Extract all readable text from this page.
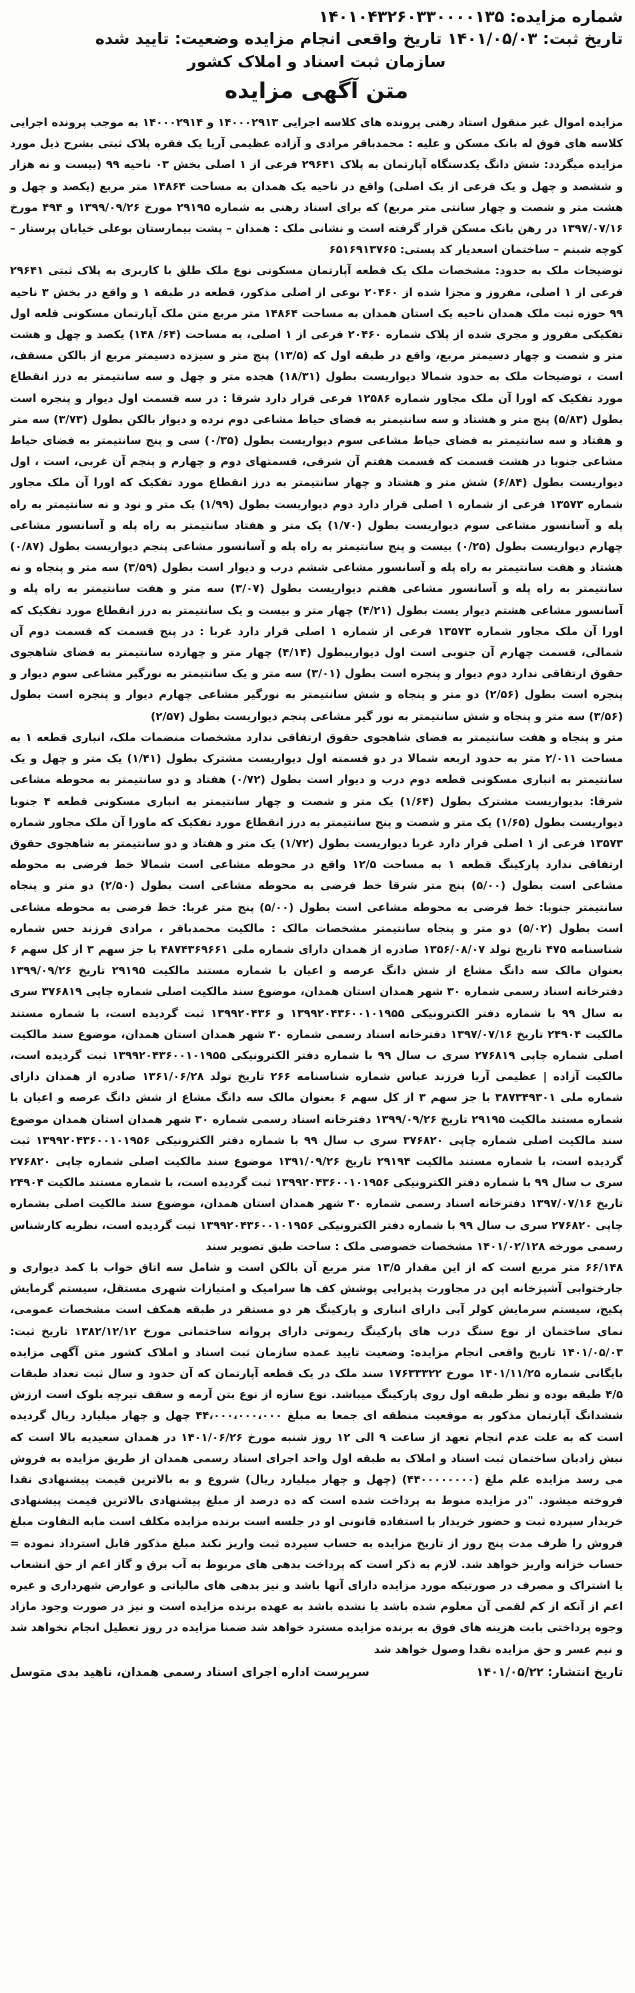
شماره مزایده: ۱۴۰۱۰۴۳۲۶۰۳۳۰۰۰۰۱۳۵
تاریخ ثبت: ۱۴۰۱/۰۵/۰۳ تاریخ واقعی انجام مزایده وضعیت: تایید شده
سازمان ثبت اسناد و املاک کشور
متن آگهی مزایده

مزایده اموال غیر منقول استاد رهنی پرونده های کلاسه اجرایی ۱۴۰۰۰۲۹۱۳ و ۱۴۰۰۰۲۹۱۴ به موجب پرونده اجرایی کلاسه های فوق له بانک مسکن و علیه : محمدباقر مرادی و آزاده عظیمی آریا یک فقره پلاک ثبتی بشرح ذیل مورد مزایده میگردد: شش دانگ یکدستگاه آپارتمان به پلاک ۲۹۶۴۱ فرعی از ۱ اصلی بخش ۰۳ ناحیه ۹۹ (بیست و نه هزار و ششصد و چهل و یک فرعی از یک اصلی) واقع در ناحیه یک همدان به مساحت ۱۴۸۶۴ متر مربع (یکصد و چهل و هشت متر و شصت و چهار سانتی متر مربع) که برای اسناد رهنی به شماره ۲۹۱۹۵ مورخ ۱۳۹۹/۰۹/۲۶ و ۴۹۴ مورخ ۱۳۹۷/۰۷/۱۶ در رهن بانک مسکن قرار گرفته است و نشانی ملک : همدان – پشت بیمارستان بوعلی خیابان پرستار – کوچه شبنم – ساختمان اسعدیار کد پستی: ۶۵۱۶۹۱۳۷۶۵

توضیحات ملک به حدود: مشخصات ملک یک قطعه آپارتمان مسکونی نوع ملک طلق با کاربری به پلاک ثبتی ۲۹۶۴۱ فرعی از ۱ اصلی، مفروز و مجزا شده از ۲۰۴۶۰ نوعی از اصلی مذکور، قطعه در طبقه ۱ و واقع در بخش ۳ ناحیه ۹۹ حوزه ثبت ملک همدان ناحیه یک استان همدان به مساحت ۱۴۸۶۴ متر مربع متن ملک آپارتمان مسکونی قلعه اول تفکیکی مفروز و مجری شده از پلاک شماره ۲۰۴۶۰ فرعی از ۱ اصلی، به مساحت (۶۴/ ۱۴۸) یکصد و چهل و هشت متر و شصت و چهار دسیمتر مربع، واقع در طبقه اول که (۱۳/۵) پنج متر و سیزده دسیمتر مربع از بالکن مسقف، است ، توضیحات ملک به حدود شمالا دیواریست بطول (۱۸/۳۱) هجده متر و چهل و سه سانتیمتر به درز انقطاع مورد تفکیک که اورا آن ملک مجاور شماره ۱۲۵۸۶ فرعی قرار دارد شرقا : در سه قسمت اول دیوار و پنجره است بطول (۵/۸۳) پنج متر و هشتاد و سه سانتیمتر به فضای حیاط مشاعی دوم نرده و دیوار بالکن بطول (۳/۷۳) سه متر و هفتاد و سه سانتیمتر به فضای حیاط مشاعی سوم دیواریست بطول (۰/۳۵) سی و پنج سانتیمتر به فضای حیاط مشاعی جنوبا در هشت قسمت که قسمت هفتم آن شرقی، قسمتهای دوم و چهارم و پنجم آن غربی، است ، اول دیواریست بطول (۶/۸۴) شش متر و هشتاد و چهار سانتیمتر به درز انقطاع مورد تفکیک که اورا آن ملک مجاور شماره ۱۳۵۷۳ فرعی از شماره ۱ اصلی قرار دارد دوم دیواریست بطول (۱/۹۹) یک متر و نود و نه سانتیمتر به راه پله و آسانسور مشاعی سوم دیواریست بطول (۱/۷۰) یک متر و هفتاد سانتیمتر به راه پله و آسانسور مشاعی چهارم دیواریست بطول (۰/۲۵) بیست و پنج سانتیمتر به راه پله و آسانسور مشاعی پنجم دیواریست بطول (۰/۸۷) هشتاد و هفت سانتیمتر به راه پله و آسانسور مشاعی ششم درب و دیوار است بطول (۳/۵۹) سه متر و پنجاه و نه سانتیمتر به راه پله و آسانسور مشاعی هفتم دیواریست بطول (۳/۰۷) سه متر و هفت سانتیمتر به راه پله و آسانسور مشاعی هشتم دیوار یست بطول (۴/۲۱) چهار متر و بیست و یک سانتیمتر به درز انقطاع مورد تفکیک که اورا آن ملک مجاور شماره ۱۳۵۷۳ فرعی از شماره ۱ اصلی قرار دارد غربا : در پنج قسمت که قسمت دوم آن شمالی، قسمت چهارم آن جنوبی است اول دیواریبطول (۴/۱۴) چهار متر و چهارده سانتیمتر به فضای شاهجوی حقوق ارتفاقی ندارد دوم دیوار و پنجره است بطول (۳/۰۱) سه متر و یک سانتیمتر به نورگیر مشاعی سوم دیوار و پنجره است بطول (۲/۵۶) دو متر و پنجاه و شش سانتیمتر به نورگیر مشاعی چهارم دیوار و پنجره است بطول (۳/۵۶) سه متر و پنجاه و شش سانتیمتر به نور گیر مشاعی پنجم دیواریست بطول (۲/۵۷)

متر و پنجاه و هفت سانتیمتر به فضای شاهجوی حقوق ارتفاقی ندارد مشخصات منضمات ملک، انباری قطعه ۱ به مساحت ۲/۰۱۱ متر به حدود اربعه شمالا در دو قسمته اول دیواریست مشترک بطول (۱/۴۱) یک متر و چهل و یک سانتیمتر به انباری مسکونی قطعه دوم درب و دیوار است بطول (۰/۷۲) هفتاد و دو سانتیمتر به محوطه مشاعی شرقا: بدیواریست مشترک بطول (۱/۶۴) یک متر و شصت و چهار سانتیمتر به انباری مسکونی قطعه ۴ جنوبا دیواریست بطول (۱/۶۵) یک متر و شصت و پنج سانتیمتر به درز انقطاع مورد تفکیک که ماورا آن ملک مجاور شماره ۱۳۵۷۳ فرعی از ۱ اصلی قرار دارد غربا دیواریست بطول (۱/۷۲) یک متر و هفتاد و دو سانتیمتر به شاهجوی حقوق ارتفاقی ندارد پارکینگ قطعه ۱ به مساحت ۱۲/۵ واقع در محوطه مشاعی است شمالا خط فرضی به محوطه مشاعی است بطول (۵/۰۰) پنج متر شرقا خط فرضی به محوطه مشاعی است بطول (۲/۵۰) دو متر و پنجاه سانتیمتر جنوبا: خط فرضی به محوطه مشاعی است بطول (۵/۰۰) پنج متر غربا: خط فرضی به محوطه مشاعی است بطول (۵/۰۲) دو متر و پنجاه سانتیمتر مشخصات مالک : مالکیت محمدباقر ، مرادی فرزند حس شماره شناسنامه ۴۷۵ تاریخ تولد ۱۳۵۶/۰۸/۰۷ صادره از همدان دارای شماره ملی ۴۸۷۴۳۶۹۶۶۱ با جز سهم ۳ از کل سهم ۶ بعنوان مالک سه دانگ مشاع از شش دانگ عرصه و اعیان با شماره مستند مالکیت ۲۹۱۹۵ تاریخ ۱۳۹۹/۰۹/۲۶ دفترخانه اسناد رسمی شماره ۳۰ شهر همدان استان همدان، موضوع سند مالکیت اصلی شماره چاپی ۳۷۶۸۱۹ سری به سال ۹۹ با شماره دفتر الکترونیکی ۱۳۹۹۲۰۴۳۶۰۰۱۰۱۹۵۵ و ۱۳۹۹۲۰۴۳۶ ثبت گردیده است، با شماره مستند مالکیت ۲۴۹۰۴ تاریخ ۱۳۹۷/۰۷/۱۶ دفترخانه اسناد رسمی شماره ۳۰ شهر همدان استان همدان، موضوع سند مالکیت اصلی شماره چاپی ۲۷۶۸۱۹ سری ب سال ۹۹ با شماره دفتر الکترونیکی ۱۳۹۹۲۰۴۳۶۰۰۱۰۱۹۵۵ ثبت گردیده است، مالکیت آزاده | عظیمی آریا فرزند عباس شماره شناسنامه ۲۶۶ تاریخ تولد ۱۳۶۱/۰۶/۲۸ صادره از همدان دارای شماره ملی ۳۸۷۳۴۹۳۰۱ با جز سهم ۳ از کل سهم ۶ بعنوان مالک سه دانگ مشاع از شش دانگ عرصه و اعیان با شماره مستند مالکیت ۲۹۱۹۵ تاریخ ۱۳۹۹/۰۹/۲۶ دفترخانه اسناد رسمی شماره ۳۰ شهر همدان استان همدان موضوع سند مالکیت اصلی شماره چاپی ۳۷۶۸۲۰ سری ب سال ۹۹ با شماره دفتر الکترونیکی ۱۳۹۹۲۰۴۳۶۰۰۱۰۱۹۵۶ ثبت گردیده است، با شماره مستند مالکیت ۲۹۱۹۴ تاریخ ۱۳۹۱/۰۹/۲۶ موضوع سند مالکیت اصلی شماره چاپی ۲۷۶۸۲۰ سری ب سال ۹۹ با شماره دفتر الکترونیکی ۱۳۹۹۲۰۴۳۶۰۰۱۰۱۹۵۶ ثبت گردیده است، با شماره مستند مالکیت ۲۴۹۰۴ تاریخ ۱۳۹۷/۰۷/۱۶ دفترخانه اسناد رسمی شماره ۳۰ شهر همدان استان همدان، موضوع سند مالکیت اصلی بشماره چاپی ۲۷۶۸۲۰ سری ب سال ۹۹ با شماره دفتر الکترونیکی ۱۳۹۹۲۰۴۳۶۰۰۱۰۱۹۵۶ ثبت گردیده است، نظریه کارشناس رسمی مورخه ۱۴۰۱/۰۲/۱۲۸ مشخصات خصوصی ملک : ساحت طبق تصویر سند

۶۶/۱۴۸ متر مربع است که از این مقدار ۱۳/۵ متر مربع آن بالکن است و شامل سه اتاق خواب با کمد دیواری و جارختوابی آشپزخانه اپن در مجاورت پذیرایی پوشش کف ها سرامیک و امتیازات شهری مستقل، سیستم گرمایش پکیج، سیستم سرمایش کولر آبی دارای انباری و پارکینگ هر دو مستقر در طبقه همکف است مشخصات عمومی، نمای ساختمان از نوع سنگ درب های پارکینگ ریموتی دارای پروانه ساختمانی مورخ ۱۳۸۲/۱۲/۱۲ تاریخ ثبت: ۱۴۰۱/۰۵/۰۳ تاریخ واقعی انجام مزایده: وضعیت تایید عمده سازمان ثبت اسناد و املاک کشور متن آگهی مزایده بایگانی شماره ۱۴۰۱/۱۱/۲۵ مورخ ۱۷۶۳۳۳۲۲ سند ملک در یک قطعه آپارتمان که آن حدود و سال ثبت تعداد طبقات ۴/۵ طبقه بوده و نظر طبقه اول روی پارکینگ میباشد. نوع سازه از نوع بتن آرمه و سقف تیرچه بلوک است ارزش ششدانگ آپارتمان مذکور به موقعیت منطقه ای جمعا به مبلغ ۴۴،۰۰۰،۰۰۰،۰۰۰ چهل و چهار میلیارد ریال گردیده است که به علت عدم انجام تعهد از ساعت ۹ الی ۱۲ روز شنبه مورخ ۱۴۰۱/۰۶/۲۶ در همدان سعیدیه بالا است که نبش زادبان ساختمان ثبت اسناد و املاک به طبقه اول واحد اجرای اسناد رسمی همدان از طریق مزایده به فروش می رسد مزایده علم ملغ (۴۴۰۰۰۰۰۰۰۰) (چهل و چهار میلیارد ریال) شروع و به بالاترین قیمت پیشنهادی نقدا فروخته میشود. "در مزایده منوط به پرداخت شده است که ده درصد از مبلغ پیشنهادی بالاترین قیمت پیشنهادی خریدار سپرده ثبت و حضور خریدار با استفاده قانونی او در جلسه است برنده مزایده مکلف است مابه التفاوت مبلغ فروش را ظرف مدت پنج روز از تاریخ مزایده به حساب سپرده ثبت واریز نکند مبلغ مذکور قابل استرداد نموده = حساب خزانه واریز خواهد شد. لازم به ذکر است که پرداخت بدهی های مربوط به آب برق و گاز اعم از حق انشعاب یا اشتراک و مصرف در صورتیکه مورد مزایده دارای آنها باشد و نیز بدهی های مالیاتی و عوارض شهرداری و غیره اعم از آنکه از کم لقمی آن معلوم شده باشد یا نشده باشد به عهده برنده مزایده است و نیز در صورت وجود مازاد وجوه پرداختی بابت هزینه های فوق به برنده مزایده مسترد خواهد شد ضمنا مزایده در روز تعطیل انجام نخواهد شد و نیم عسر و حق مزایده نقدا وصول خواهد شد

تاریخ انتشار: ۱۴۰۱/۰۵/۲۲
سرپرست اداره اجرای اسناد رسمی همدان، ناهید بدی متوسل
